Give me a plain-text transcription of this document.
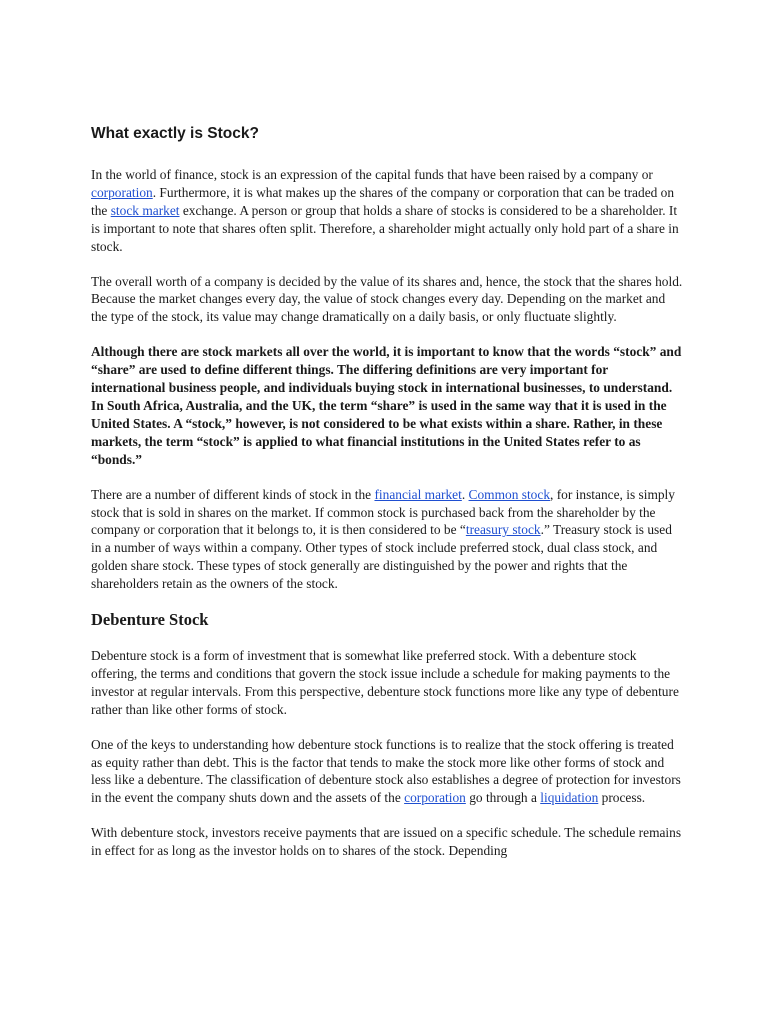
What exactly is Stock?

In the world of finance, stock is an expression of the capital funds that have been raised by a company or corporation. Furthermore, it is what makes up the shares of the company or corporation that can be traded on the stock market exchange. A person or group that holds a share of stocks is considered to be a shareholder. It is important to note that shares often split. Therefore, a shareholder might actually only hold part of a share in stock.

The overall worth of a company is decided by the value of its shares and, hence, the stock that the shares hold. Because the market changes every day, the value of stock changes every day. Depending on the market and the type of the stock, its value may change dramatically on a daily basis, or only fluctuate slightly.

Although there are stock markets all over the world, it is important to know that the words “stock” and “share” are used to define different things. The differing definitions are very important for international business people, and individuals buying stock in international businesses, to understand. In South Africa, Australia, and the UK, the term “share” is used in the same way that it is used in the United States. A “stock,” however, is not considered to be what exists within a share. Rather, in these markets, the term “stock” is applied to what financial institutions in the United States refer to as “bonds.”

There are a number of different kinds of stock in the financial market. Common stock, for instance, is simply stock that is sold in shares on the market. If common stock is purchased back from the shareholder by the company or corporation that it belongs to, it is then considered to be “treasury stock.” Treasury stock is used in a number of ways within a company. Other types of stock include preferred stock, dual class stock, and golden share stock. These types of stock generally are distinguished by the power and rights that the shareholders retain as the owners of the stock.

Debenture Stock

Debenture stock is a form of investment that is somewhat like preferred stock. With a debenture stock offering, the terms and conditions that govern the stock issue include a schedule for making payments to the investor at regular intervals. From this perspective, debenture stock functions more like any type of debenture rather than like other forms of stock.

One of the keys to understanding how debenture stock functions is to realize that the stock offering is treated as equity rather than debt. This is the factor that tends to make the stock more like other forms of stock and less like a debenture. The classification of debenture stock also establishes a degree of protection for investors in the event the company shuts down and the assets of the corporation go through a liquidation process.

With debenture stock, investors receive payments that are issued on a specific schedule. The schedule remains in effect for as long as the investor holds on to shares of the stock. Depending
